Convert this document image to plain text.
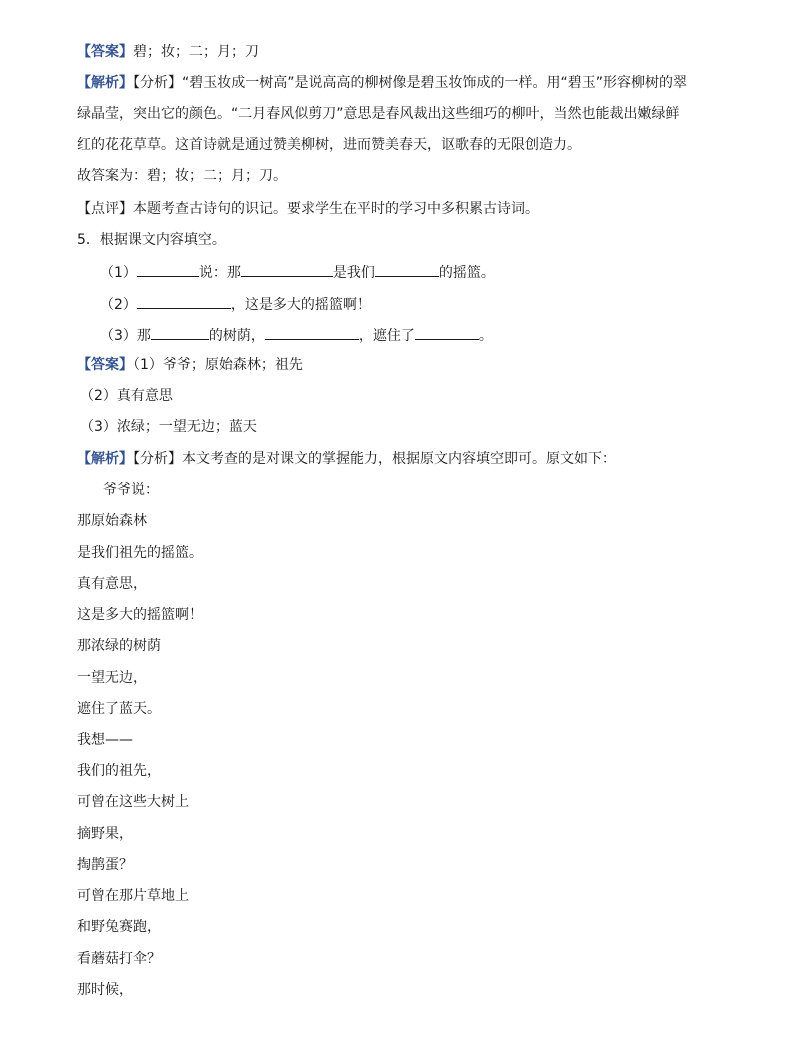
【答案】碧；妆；二；月；刀
【解析】【分析】“碧玉妆成一树高”是说高高的柳树像是碧玉妆饰成的一样。用“碧玉”形容柳树的翠
绿晶莹，突出它的颜色。“二月春风似剪刀”意思是春风裁出这些细巧的柳叶，当然也能裁出嫩绿鲜
红的花花草草。这首诗就是通过赞美柳树，进而赞美春天，讴歌春的无限创造力。
故答案为：碧；妆；二；月；刀。
【点评】本题考查古诗句的识记。要求学生在平时的学习中多积累古诗词。
5．根据课文内容填空。
（1）	说：那	是我们	的摇篮。
（2）	，这是多大的摇篮啊！
（3）那	的树荫，	，遮住了	。
【答案】（1）爷爷；原始森林；祖先
（2）真有意思
（3）浓绿；一望无边；蓝天
【解析】【分析】本文考查的是对课文的掌握能力，根据原文内容填空即可。原文如下：
爷爷说：
那原始森林
是我们祖先的摇篮。
真有意思，
这是多大的摇篮啊！
那浓绿的树荫
一望无边，
遮住了蓝天。
我想——
我们的祖先，
可曾在这些大树上
摘野果，
掏鹊蛋？
可曾在那片草地上
和野兔赛跑，
看蘑菇打伞？
那时候，
